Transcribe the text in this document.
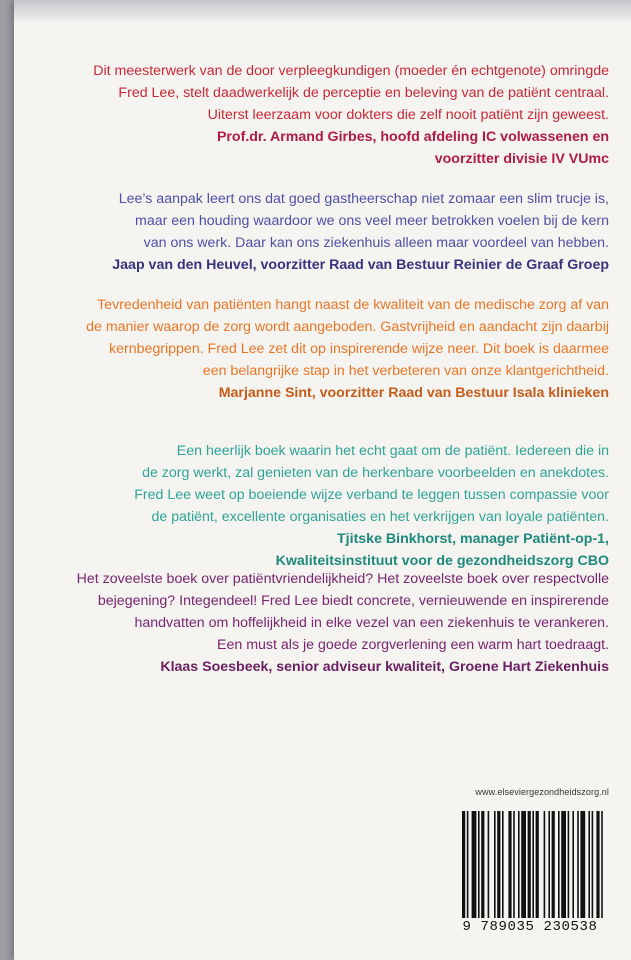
Dit meesterwerk van de door verpleegkundigen (moeder én echtgenote) omringde
Fred Lee, stelt daadwerkelijk de perceptie en beleving van de patiënt centraal.
Uiterst leerzaam voor dokters die zelf nooit patiënt zijn geweest.
Prof.dr. Armand Girbes, hoofd afdeling IC volwassenen en
voorzitter divisie IV VUmc
Lee’s aanpak leert ons dat goed gastheerschap niet zomaar een slim trucje is,
maar een houding waardoor we ons veel meer betrokken voelen bij de kern
van ons werk. Daar kan ons ziekenhuis alleen maar voordeel van hebben.
Jaap van den Heuvel, voorzitter Raad van Bestuur Reinier de Graaf Groep
Tevredenheid van patiënten hangt naast de kwaliteit van de medische zorg af van
de manier waarop de zorg wordt aangeboden. Gastvrijheid en aandacht zijn daarbij
kernbegrippen. Fred Lee zet dit op inspirerende wijze neer. Dit boek is daarmee
een belangrijke stap in het verbeteren van onze klantgerichtheid.
Marjanne Sint, voorzitter Raad van Bestuur Isala klinieken
Een heerlijk boek waarin het echt gaat om de patiënt. Iedereen die in
de zorg werkt, zal genieten van de herkenbare voorbeelden en anekdotes.
Fred Lee weet op boeiende wijze verband te leggen tussen compassie voor
de patiënt, excellente organisaties en het verkrijgen van loyale patiënten.
Tjitske Binkhorst, manager Patiënt-op-1,
Kwaliteitsinstituut voor de gezondheidszorg CBO
Het zoveelste boek over patiëntvriendelijkheid? Het zoveelste boek over respectvolle
bejegening? Integendeel! Fred Lee biedt concrete, vernieuwende en inspirerende
handvatten om hoffelijkheid in elke vezel van een ziekenhuis te verankeren.
Een must als je goede zorgverlening een warm hart toedraagt.
Klaas Soesbeek, senior adviseur kwaliteit, Groene Hart Ziekenhuis
www.elseviergezondheidszorg.nl
9 789035 230538
